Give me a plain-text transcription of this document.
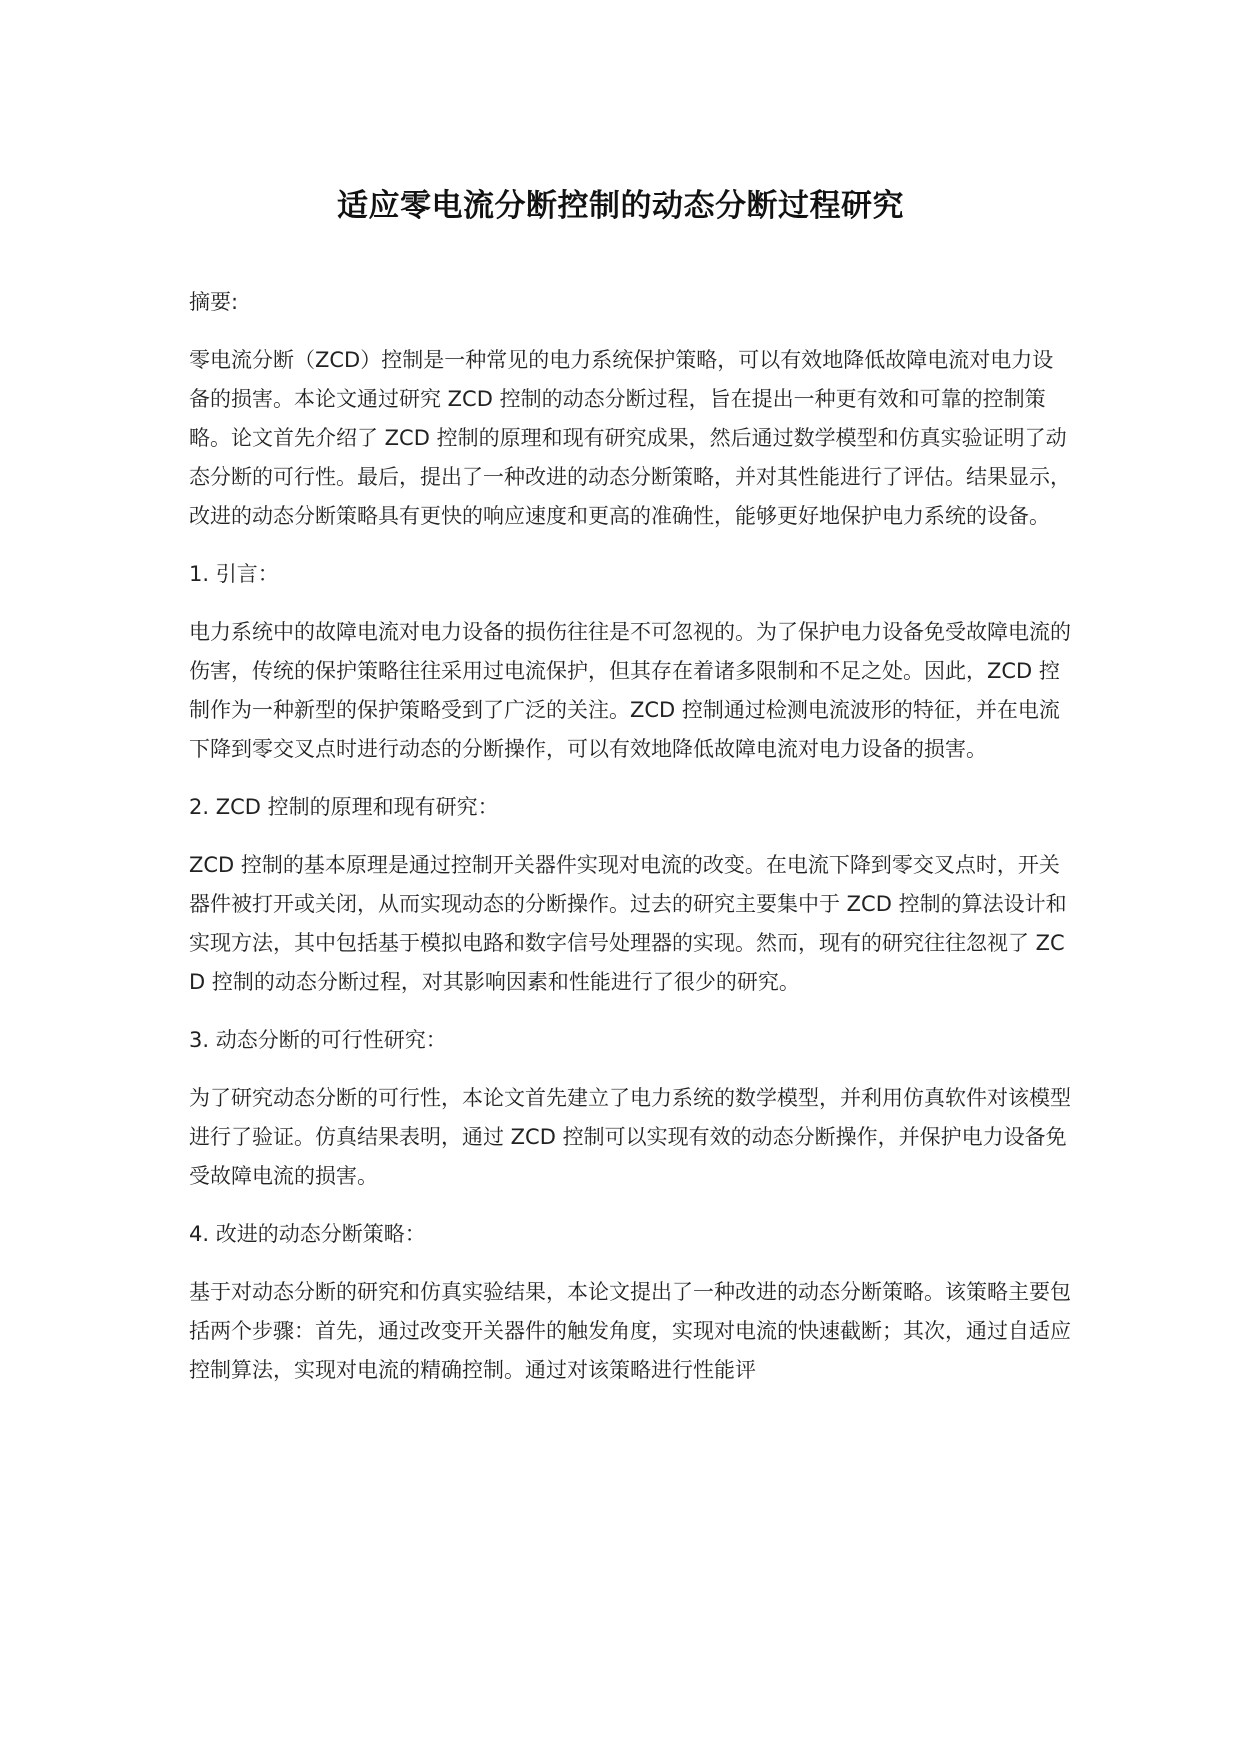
适应零电流分断控制的动态分断过程研究

摘要:

零电流分断（ZCD）控制是一种常见的电力系统保护策略，可以有效地降低故障电流对电力设备的损害。本论文通过研究 ZCD 控制的动态分断过程，旨在提出一种更有效和可靠的控制策略。论文首先介绍了 ZCD 控制的原理和现有研究成果，然后通过数学模型和仿真实验证明了动态分断的可行性。最后，提出了一种改进的动态分断策略，并对其性能进行了评估。结果显示，改进的动态分断策略具有更快的响应速度和更高的准确性，能够更好地保护电力系统的设备。

1. 引言：

电力系统中的故障电流对电力设备的损伤往往是不可忽视的。为了保护电力设备免受故障电流的伤害，传统的保护策略往往采用过电流保护，但其存在着诸多限制和不足之处。因此，ZCD 控制作为一种新型的保护策略受到了广泛的关注。ZCD 控制通过检测电流波形的特征，并在电流下降到零交叉点时进行动态的分断操作，可以有效地降低故障电流对电力设备的损害。

2. ZCD 控制的原理和现有研究：

ZCD 控制的基本原理是通过控制开关器件实现对电流的改变。在电流下降到零交叉点时，开关器件被打开或关闭，从而实现动态的分断操作。过去的研究主要集中于 ZCD 控制的算法设计和实现方法，其中包括基于模拟电路和数字信号处理器的实现。然而，现有的研究往往忽视了 ZCD 控制的动态分断过程，对其影响因素和性能进行了很少的研究。

3. 动态分断的可行性研究：

为了研究动态分断的可行性，本论文首先建立了电力系统的数学模型，并利用仿真软件对该模型进行了验证。仿真结果表明，通过 ZCD 控制可以实现有效的动态分断操作，并保护电力设备免受故障电流的损害。

4. 改进的动态分断策略：

基于对动态分断的研究和仿真实验结果，本论文提出了一种改进的动态分断策略。该策略主要包括两个步骤：首先，通过改变开关器件的触发角度，实现对电流的快速截断；其次，通过自适应控制算法，实现对电流的精确控制。通过对该策略进行性能评
